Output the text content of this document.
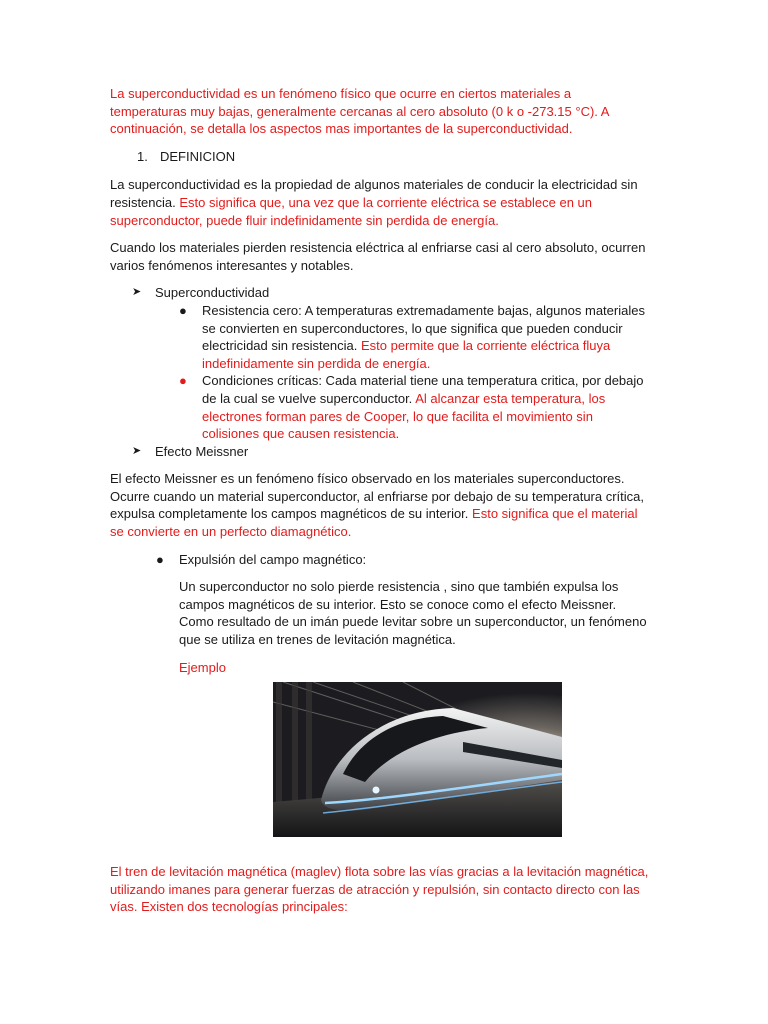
La superconductividad es un fenómeno físico que ocurre en ciertos materiales a temperaturas muy bajas, generalmente cercanas al cero absoluto (0 k o -273.15 °C). A continuación, se detalla los aspectos mas importantes de la superconductividad.

1. DEFINICION

La superconductividad es la propiedad de algunos materiales de conducir la electricidad sin resistencia. Esto significa que, una vez que la corriente eléctrica se establece en un superconductor, puede fluir indefinidamente sin perdida de energía.

Cuando los materiales pierden resistencia eléctrica al enfriarse casi al cero absoluto, ocurren varios fenómenos interesantes y notables.

➤ Superconductividad
● Resistencia cero: A temperaturas extremadamente bajas, algunos materiales se convierten en superconductores, lo que significa que pueden conducir electricidad sin resistencia. Esto permite que la corriente eléctrica fluya indefinidamente sin perdida de energía.
● Condiciones críticas: Cada material tiene una temperatura critica, por debajo de la cual se vuelve superconductor. Al alcanzar esta temperatura, los electrones forman pares de Cooper, lo que facilita el movimiento sin colisiones que causen resistencia.
➤ Efecto Meissner

El efecto Meissner es un fenómeno físico observado en los materiales superconductores. Ocurre cuando un material superconductor, al enfriarse por debajo de su temperatura crítica, expulsa completamente los campos magnéticos de su interior. Esto significa que el material se convierte en un perfecto diamagnético.

● Expulsión del campo magnético:

Un superconductor no solo pierde resistencia , sino que también expulsa los campos magnéticos de su interior. Esto se conoce como el efecto Meissner. Como resultado de un imán puede levitar sobre un superconductor, un fenómeno que se utiliza en trenes de levitación magnética.

Ejemplo

El tren de levitación magnética (maglev) flota sobre las vías gracias a la levitación magnética, utilizando imanes para generar fuerzas de atracción y repulsión, sin contacto directo con las vías. Existen dos tecnologías principales:
